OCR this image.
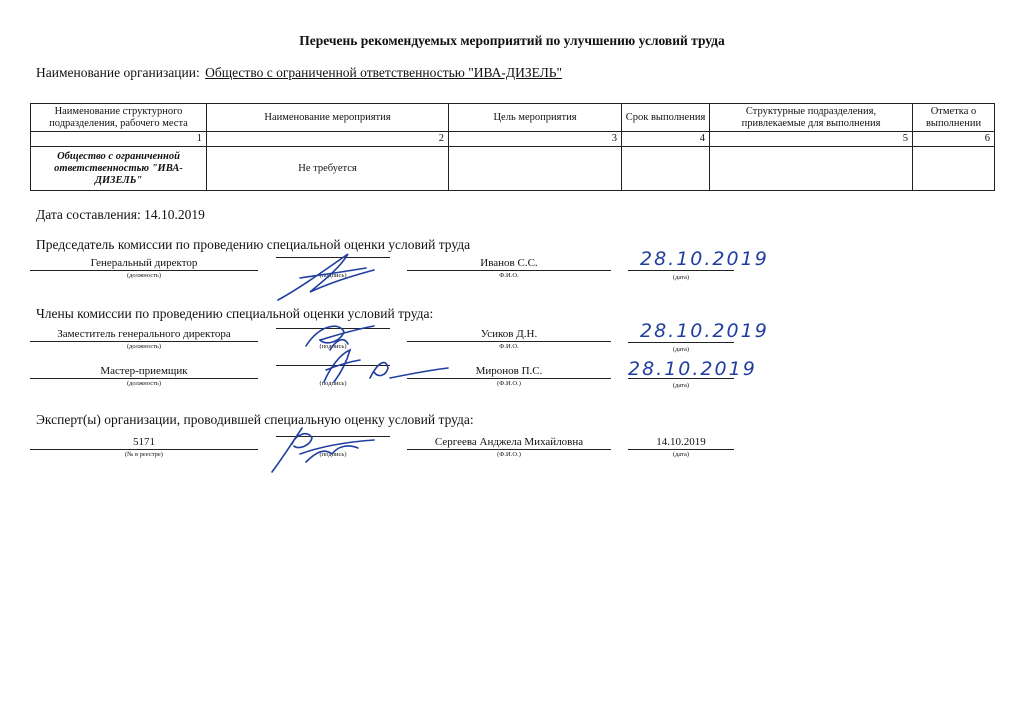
Перечень рекомендуемых мероприятий по улучшению условий труда
Наименование организации: Общество с ограниченной ответственностью "ИВА-ДИЗЕЛЬ"
Наименование структурного подразделения, рабочего места	Наименование мероприятия	Цель мероприятия	Срок выполнения	Структурные подразделения, привлекаемые для выполнения	Отметка о выполнении
1	2	3	4	5	6
Общество с ограниченной ответственностью "ИВА-ДИЗЕЛЬ"	Не требуется				
Дата составления: 14.10.2019
Председатель комиссии по проведению специальной оценки условий труда
Генеральный директор
(должность)	(подпись)
Иванов С.С.
Ф.И.О.	(дата)
28.10.2019
Члены комиссии по проведению специальной оценки условий труда:
Заместитель генерального директора
(должность)	(подпись)
Усиков Д.Н.
Ф.И.О.	(дата)
28.10.2019
Мастер-приемщик
(должность)	(подпись)
Миронов П.С.
(Ф.И.О.)	(дата)
28.10.2019
Эксперт(ы) организации, проводившей специальную оценку условий труда:
5171
(№ в реестре)	(подпись)
Сергеева Анджела Михайловна
(Ф.И.О.)
14.10.2019
(дата)
